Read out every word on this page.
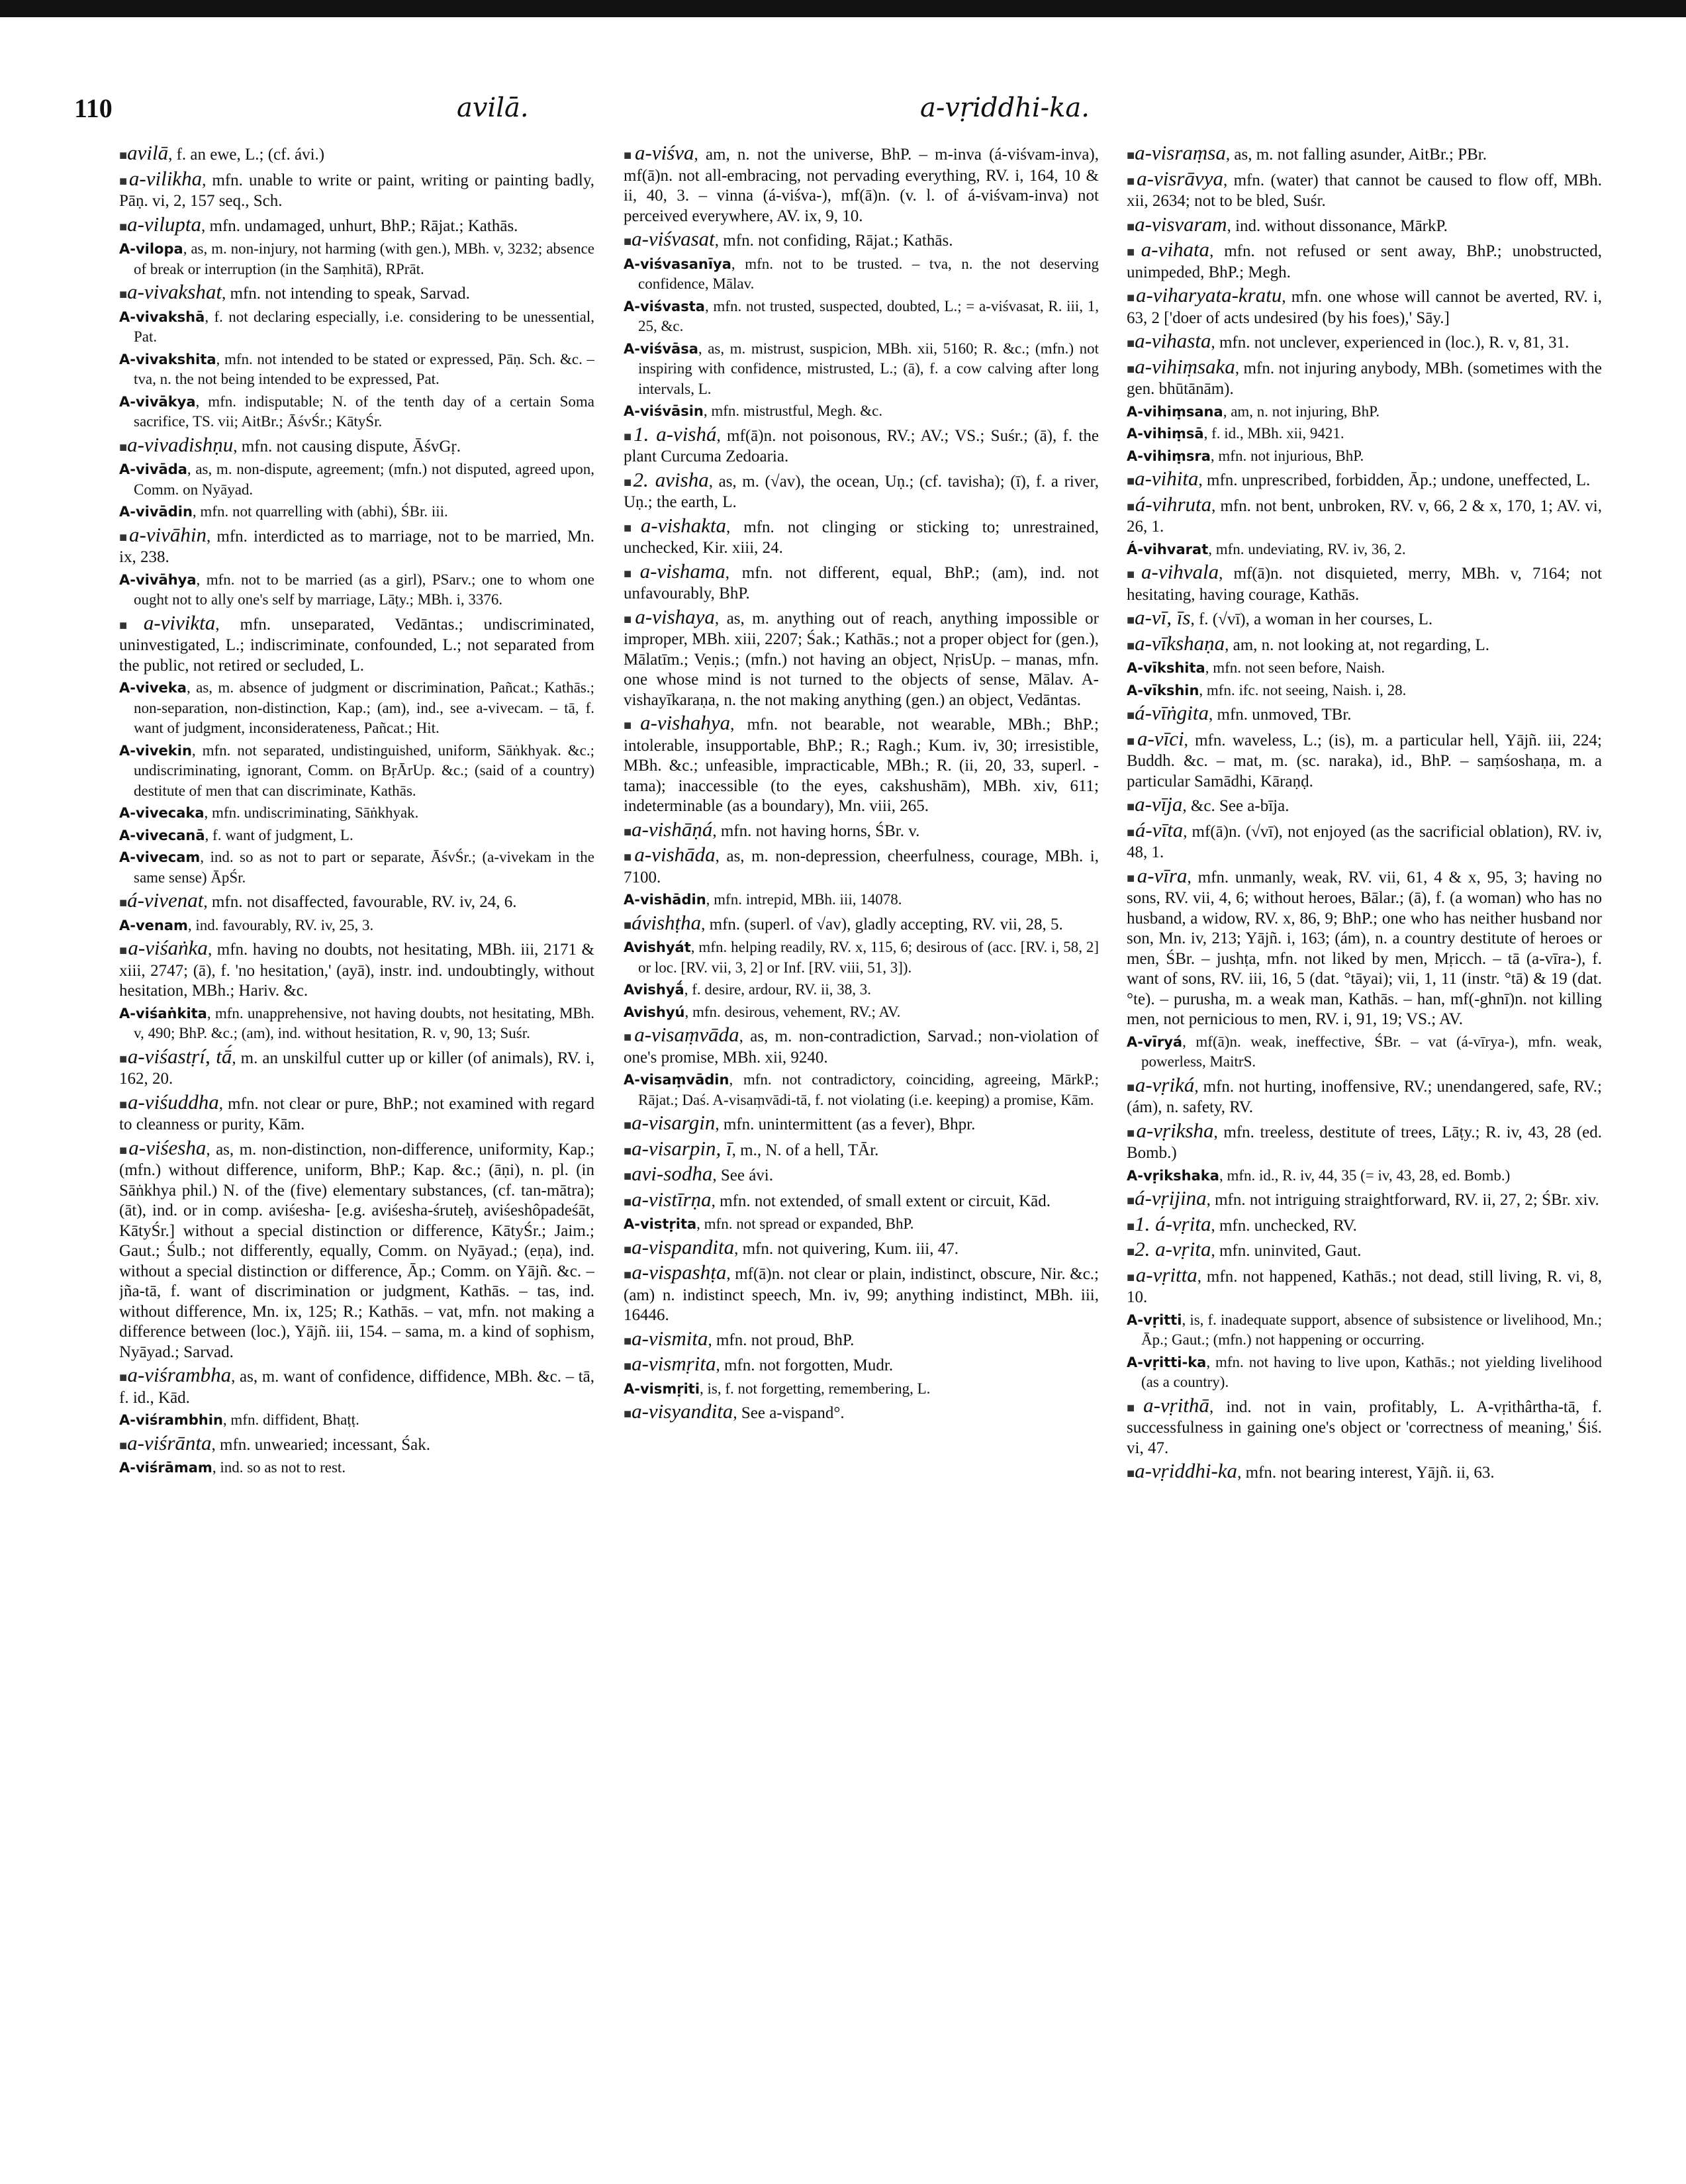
110	avilā.	a-vṛiddhi-ka.

■ avilā , f. an ewe, L.; (cf. ávi.)

■ a-vilikha , mfn. unable to write or paint, writing or painting badly, Pāṇ. vi, 2, 157 seq., Sch.

■ a-vilupta , mfn. undamaged, unhurt, BhP.; Rājat.; Kathās.

A-vilopa , as, m. non-injury, not harming (with gen.), MBh. v, 3232; absence of break or interruption (in the Saṃhitā), RPrāt.

■ a-vivakshat , mfn. not intending to speak, Sarvad.

A-vivakshā , f. not declaring especially, i.e. considering to be unessential, Pat.

A-vivakshita , mfn. not intended to be stated or expressed, Pāṇ. Sch. &c. – tva, n. the not being intended to be expressed, Pat.

A-vivākya , mfn. indisputable; N. of the tenth day of a certain Soma sacrifice, TS. vii; AitBr.; ĀśvŚr.; KātyŚr.

■ a-vivadishṇu , mfn. not causing dispute, ĀśvGṛ.

A-vivāda , as, m. non-dispute, agreement; (mfn.) not disputed, agreed upon, Comm. on Nyāyad.

A-vivādin , mfn. not quarrelling with (abhi), ŚBr. iii.

■ a-vivāhin , mfn. interdicted as to marriage, not to be married, Mn. ix, 238.

A-vivāhya , mfn. not to be married (as a girl), PSarv.; one to whom one ought not to ally one's self by marriage, Lāṭy.; MBh. i, 3376.

■ a-vivikta , mfn. unseparated, Vedāntas.; undiscriminated, uninvestigated, L.; indiscriminate, confounded, L.; not separated from the public, not retired or secluded, L.

A-viveka , as, m. absence of judgment or discrimination, Pañcat.; Kathās.; non-separation, non-distinction, Kap.; (am), ind., see a-vivecam. – tā, f. want of judgment, inconsiderateness, Pañcat.; Hit.

A-vivekin , mfn. not separated, undistinguished, uniform, Sāṅkhyak. &c.; undiscriminating, ignorant, Comm. on BṛĀrUp. &c.; (said of a country) destitute of men that can discriminate, Kathās.

A-vivecaka , mfn. undiscriminating, Sāṅkhyak.

A-vivecanā , f. want of judgment, L.

A-vivecam , ind. so as not to part or separate, ĀśvŚr.; (a-vivekam in the same sense) ĀpŚr.

■ á-vivenat , mfn. not disaffected, favourable, RV. iv, 24, 6.

A-venam , ind. favourably, RV. iv, 25, 3.

■ a-viśaṅka , mfn. having no doubts, not hesitating, MBh. iii, 2171 & xiii, 2747; (ā), f. 'no hesitation,' (ayā), instr. ind. undoubtingly, without hesitation, MBh.; Hariv. &c.

A-viśaṅkita , mfn. unapprehensive, not having doubts, not hesitating, MBh. v, 490; BhP. &c.; (am), ind. without hesitation, R. v, 90, 13; Suśr.

■ a-viśastṛí, tā́ , m. an unskilful cutter up or killer (of animals), RV. i, 162, 20.

■ a-viśuddha , mfn. not clear or pure, BhP.; not examined with regard to cleanness or purity, Kām.

■ a-viśesha , as, m. non-distinction, non-difference, uniformity, Kap.; (mfn.) without difference, uniform, BhP.; Kap. &c.; (āṇi), n. pl. (in Sāṅkhya phil.) N. of the (five) elementary substances, (cf. tan-mātra); (āt), ind. or in comp. aviśesha- [e.g. aviśesha-śruteḥ, aviśeshôpadeśāt, KātyŚr.] without a special distinction or difference, KātyŚr.; Jaim.; Gaut.; Śulb.; not differently, equally, Comm. on Nyāyad.; (eṇa), ind. without a special distinction or difference, Āp.; Comm. on Yājñ. &c. – jña-tā, f. want of discrimination or judgment, Kathās. – tas, ind. without difference, Mn. ix, 125; R.; Kathās. – vat, mfn. not making a difference between (loc.), Yājñ. iii, 154. – sama, m. a kind of sophism, Nyāyad.; Sarvad.

■ a-viśrambha , as, m. want of confidence, diffidence, MBh. &c. – tā, f. id., Kād.

A-viśrambhin , mfn. diffident, Bhaṭṭ.

■ a-viśrānta , mfn. unwearied; incessant, Śak.

A-viśrāmam , ind. so as not to rest.

■ a-viśva , am, n. not the universe, BhP. – m-inva (á-viśvam-inva), mf(ā)n. not all-embracing, not pervading everything, RV. i, 164, 10 & ii, 40, 3. – vinna (á-viśva-), mf(ā)n. (v. l. of á-viśvam-inva) not perceived everywhere, AV. ix, 9, 10.

■ a-viśvasat , mfn. not confiding, Rājat.; Kathās.

A-viśvasanīya , mfn. not to be trusted. – tva, n. the not deserving confidence, Mālav.

A-viśvasta , mfn. not trusted, suspected, doubted, L.; = a-viśvasat, R. iii, 1, 25, &c.

A-viśvāsa , as, m. mistrust, suspicion, MBh. xii, 5160; R. &c.; (mfn.) not inspiring with confidence, mistrusted, L.; (ā), f. a cow calving after long intervals, L.

A-viśvāsin , mfn. mistrustful, Megh. &c.

■ 1. a-vishá , mf(ā)n. not poisonous, RV.; AV.; VS.; Suśr.; (ā), f. the plant Curcuma Zedoaria.

■ 2. avisha , as, m. (√av), the ocean, Uṇ.; (cf. tavisha); (ī), f. a river, Uṇ.; the earth, L.

■ a-vishakta , mfn. not clinging or sticking to; unrestrained, unchecked, Kir. xiii, 24.

■ a-vishama , mfn. not different, equal, BhP.; (am), ind. not unfavourably, BhP.

■ a-vishaya , as, m. anything out of reach, anything impossible or improper, MBh. xiii, 2207; Śak.; Kathās.; not a proper object for (gen.), Mālatīm.; Veṇis.; (mfn.) not having an object, NṛisUp. – manas, mfn. one whose mind is not turned to the objects of sense, Mālav. A-vishayīkaraṇa, n. the not making anything (gen.) an object, Vedāntas.

■ a-vishahya , mfn. not bearable, not wearable, MBh.; BhP.; intolerable, insupportable, BhP.; R.; Ragh.; Kum. iv, 30; irresistible, MBh. &c.; unfeasible, impracticable, MBh.; R. (ii, 20, 33, superl. -tama); inaccessible (to the eyes, cakshushām), MBh. xiv, 611; indeterminable (as a boundary), Mn. viii, 265.

■ a-vishāṇá , mfn. not having horns, ŚBr. v.

■ a-vishāda , as, m. non-depression, cheerfulness, courage, MBh. i, 7100.

A-vishādin , mfn. intrepid, MBh. iii, 14078.

■ ávishṭha , mfn. (superl. of √av), gladly accepting, RV. vii, 28, 5.

Avishyát , mfn. helping readily, RV. x, 115, 6; desirous of (acc. [RV. i, 58, 2] or loc. [RV. vii, 3, 2] or Inf. [RV. viii, 51, 3]).

Avishyā́ , f. desire, ardour, RV. ii, 38, 3.

Avishyú , mfn. desirous, vehement, RV.; AV.

■ a-visaṃvāda , as, m. non-contradiction, Sarvad.; non-violation of one's promise, MBh. xii, 9240.

A-visaṃvādin , mfn. not contradictory, coinciding, agreeing, MārkP.; Rājat.; Daś. A-visaṃvādi-tā, f. not violating (i.e. keeping) a promise, Kām.

■ a-visargin , mfn. unintermittent (as a fever), Bhpr.

■ a-visarpin, ī , m., N. of a hell, TĀr.

■ avi-sodha , See ávi.

■ a-vistīrṇa , mfn. not extended, of small extent or circuit, Kād.

A-vistṛita , mfn. not spread or expanded, BhP.

■ a-vispandita , mfn. not quivering, Kum. iii, 47.

■ a-vispashṭa , mf(ā)n. not clear or plain, indistinct, obscure, Nir. &c.; (am) n. indistinct speech, Mn. iv, 99; anything indistinct, MBh. iii, 16446.

■ a-vismita , mfn. not proud, BhP.

■ a-vismṛita , mfn. not forgotten, Mudr.

A-vismṛiti , is, f. not forgetting, remembering, L.

■ a-visyandita , See a-vispand°.

■ a-visraṃsa , as, m. not falling asunder, AitBr.; PBr.

■ a-visrāvya , mfn. (water) that cannot be caused to flow off, MBh. xii, 2634; not to be bled, Suśr.

■ a-visvaram , ind. without dissonance, MārkP.

■ a-vihata , mfn. not refused or sent away, BhP.; unobstructed, unimpeded, BhP.; Megh.

■ a-viharyata-kratu , mfn. one whose will cannot be averted, RV. i, 63, 2 ['doer of acts undesired (by his foes),' Sāy.]

■ a-vihasta , mfn. not unclever, experienced in (loc.), R. v, 81, 31.

■ a-vihiṃsaka , mfn. not injuring anybody, MBh. (sometimes with the gen. bhūtānām).

A-vihiṃsana , am, n. not injuring, BhP.

A-vihiṃsā , f. id., MBh. xii, 9421.

A-vihiṃsra , mfn. not injurious, BhP.

■ a-vihita , mfn. unprescribed, forbidden, Āp.; undone, uneffected, L.

■ á-vihruta , mfn. not bent, unbroken, RV. v, 66, 2 & x, 170, 1; AV. vi, 26, 1.

Á-vihvarat , mfn. undeviating, RV. iv, 36, 2.

■ a-vihvala , mf(ā)n. not disquieted, merry, MBh. v, 7164; not hesitating, having courage, Kathās.

■ a-vī, īs , f. (√vī), a woman in her courses, L.

■ a-vīkshaṇa , am, n. not looking at, not regarding, L.

A-vīkshita , mfn. not seen before, Naish.

A-vīkshin , mfn. ifc. not seeing, Naish. i, 28.

■ á-vīṅgita , mfn. unmoved, TBr.

■ a-vīci , mfn. waveless, L.; (is), m. a particular hell, Yājñ. iii, 224; Buddh. &c. – mat, m. (sc. naraka), id., BhP. – saṃśoshaṇa, m. a particular Samādhi, Kāraṇḍ.

■ a-vīja , &c. See a-bīja.

■ á-vīta , mf(ā)n. (√vī), not enjoyed (as the sacrificial oblation), RV. iv, 48, 1.

■ a-vīra , mfn. unmanly, weak, RV. vii, 61, 4 & x, 95, 3; having no sons, RV. vii, 4, 6; without heroes, Bālar.; (ā), f. (a woman) who has no husband, a widow, RV. x, 86, 9; BhP.; one who has neither husband nor son, Mn. iv, 213; Yājñ. i, 163; (ám), n. a country destitute of heroes or men, ŚBr. – jushṭa, mfn. not liked by men, Mṛicch. – tā (a-vīra-), f. want of sons, RV. iii, 16, 5 (dat. °tāyai); vii, 1, 11 (instr. °tā) & 19 (dat. °te). – purusha, m. a weak man, Kathās. – han, mf(-ghnī)n. not killing men, not pernicious to men, RV. i, 91, 19; VS.; AV.

A-vīryá , mf(ā)n. weak, ineffective, ŚBr. – vat (á-vīrya-), mfn. weak, powerless, MaitrS.

■ a-vṛiká , mfn. not hurting, inoffensive, RV.; unendangered, safe, RV.; (ám), n. safety, RV.

■ a-vṛiksha , mfn. treeless, destitute of trees, Lāṭy.; R. iv, 43, 28 (ed. Bomb.)

A-vṛikshaka , mfn. id., R. iv, 44, 35 (= iv, 43, 28, ed. Bomb.)

■ á-vṛijina , mfn. not intriguing straightforward, RV. ii, 27, 2; ŚBr. xiv.

■ 1. á-vṛita , mfn. unchecked, RV.

■ 2. a-vṛita , mfn. uninvited, Gaut.

■ a-vṛitta , mfn. not happened, Kathās.; not dead, still living, R. vi, 8, 10.

A-vṛitti , is, f. inadequate support, absence of subsistence or livelihood, Mn.; Āp.; Gaut.; (mfn.) not happening or occurring.

A-vṛitti-ka , mfn. not having to live upon, Kathās.; not yielding livelihood (as a country).

■ a-vṛithā , ind. not in vain, profitably, L. A-vṛithârtha-tā, f. successfulness in gaining one's object or 'correctness of meaning,' Śiś. vi, 47.

■ a-vṛiddhi-ka , mfn. not bearing interest, Yājñ. ii, 63.
